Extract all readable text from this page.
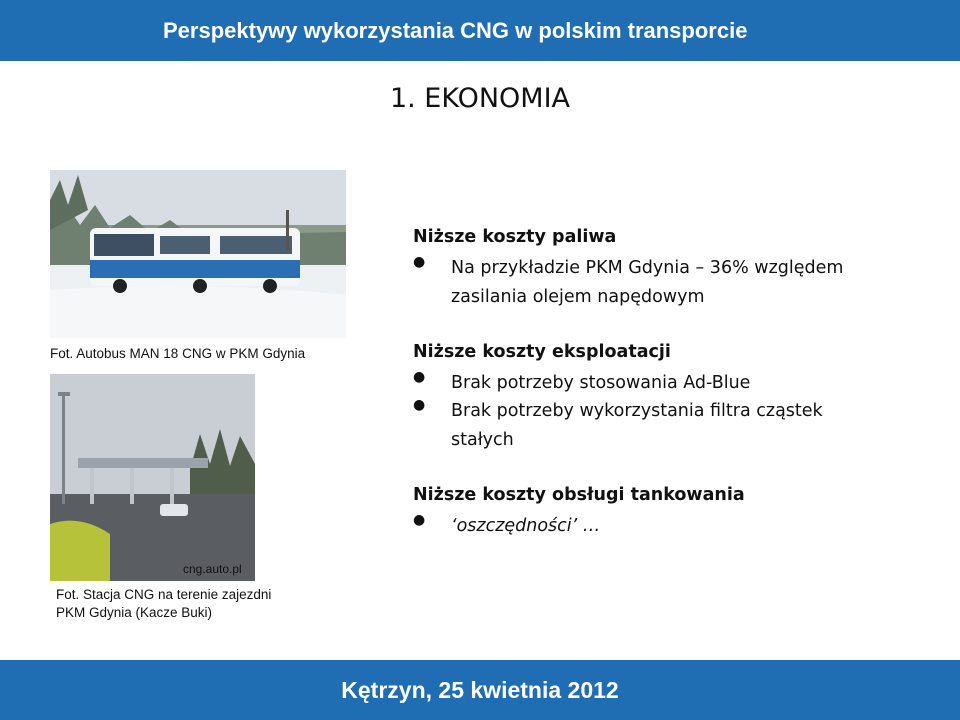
Perspektywy wykorzystania CNG w polskim transporcie
1. EKONOMIA
Fot. Autobus MAN 18 CNG w PKM Gdynia
cng.auto.pl
Fot. Stacja CNG na terenie zajezdni
PKM Gdynia (Kacze Buki)
Niższe koszty paliwa
● Na przykładzie PKM Gdynia – 36% względem
zasilania olejem napędowym
Niższe koszty eksploatacji
● Brak potrzeby stosowania Ad-Blue
● Brak potrzeby wykorzystania filtra cząstek
stałych
Niższe koszty obsługi tankowania
● ‘oszczędności’ …
Kętrzyn, 25 kwietnia 2012
